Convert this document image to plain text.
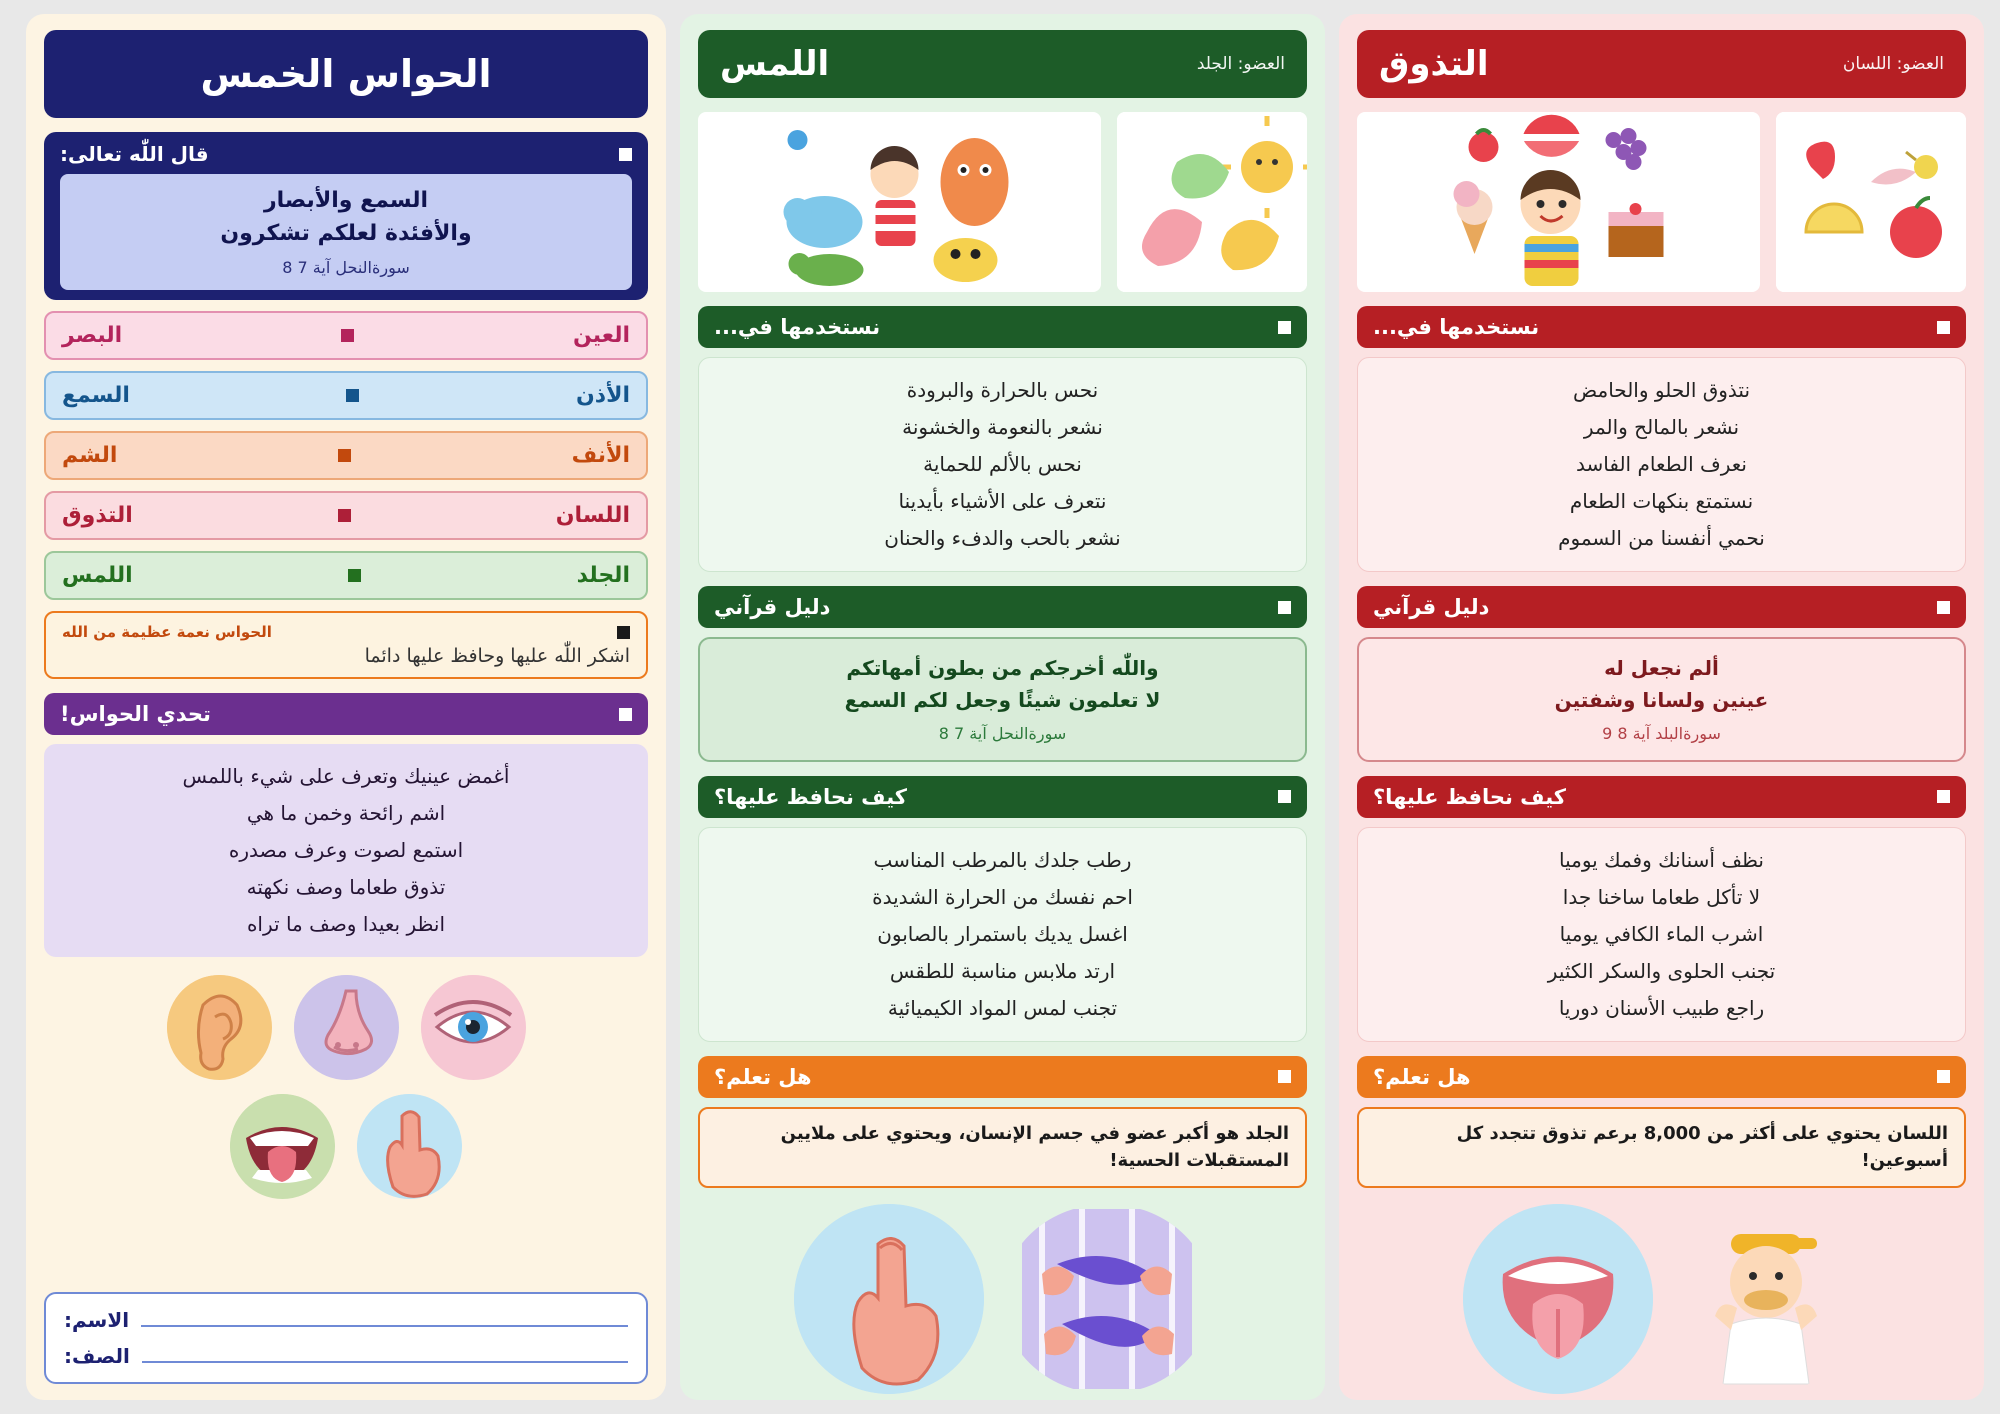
التذوق	العضو: اللسان
نستخدمها في...
نتذوق الحلو والحامض
نشعر بالمالح والمر
نعرف الطعام الفاسد
نستمتع بنكهات الطعام
نحمي أنفسنا من السموم
دليل قرآني
ألم نجعل له
عينين ولسانا وشفتين
سورةالبلد آية 8 9
كيف نحافظ عليها؟
نظف أسنانك وفمك يوميا
لا تأكل طعاما ساخنا جدا
اشرب الماء الكافي يوميا
تجنب الحلوى والسكر الكثير
راجع طبيب الأسنان دوريا
هل تعلم؟
اللسان يحتوي على أكثر من 8,000 برعم تذوق تتجدد كل أسبوعين!
اللمس	العضو: الجلد
نستخدمها في...
نحس بالحرارة والبرودة
نشعر بالنعومة والخشونة
نحس بالألم للحماية
نتعرف على الأشياء بأيدينا
نشعر بالحب والدفء والحنان
دليل قرآني
واللّٰه أخرجكم من بطون أمهاتكم
لا تعلمون شيئًا وجعل لكم السمع
سورةالنحل آية 7 8
كيف نحافظ عليها؟
رطب جلدك بالمرطب المناسب
احم نفسك من الحرارة الشديدة
اغسل يديك باستمرار بالصابون
ارتد ملابس مناسبة للطقس
تجنب لمس المواد الكيميائية
هل تعلم؟
الجلد هو أكبر عضو في جسم الإنسان، ويحتوي على ملايين المستقبلات الحسية!
الحواس الخمس
قال اللّٰه تعالى:
السمع والأبصار
والأفئدة لعلكم تشكرون
سورةالنحل آية 7 8
البصر	العين
السمع	الأذن
الشم	الأنف
التذوق	اللسان
اللمس	الجلد
الحواس نعمة عظيمة من الله
اشكر اللّٰه عليها وحافظ عليها دائما
تحدي الحواس!
أغمض عينيك وتعرف على شيء باللمس
اشم رائحة وخمن ما هي
استمع لصوت وعرف مصدره
تذوق طعاما وصف نكهته
انظر بعيدا وصف ما تراه
الاسم:
الصف:
